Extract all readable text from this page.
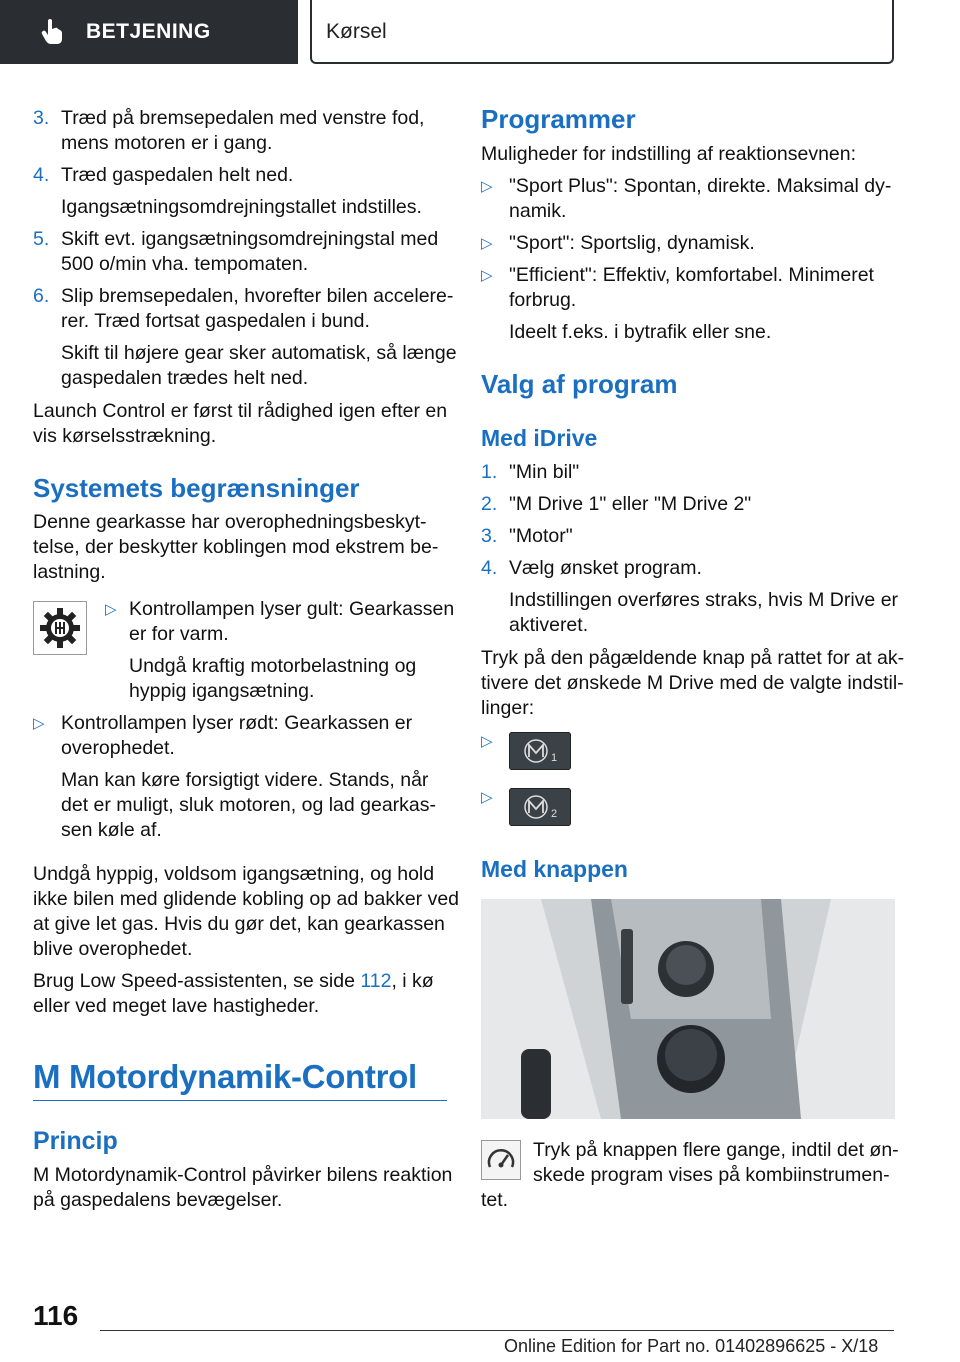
BETJENING	Kørsel
3. Træd på bremsepedalen med venstre fod,
mens motoren er i gang.
4. Træd gaspedalen helt ned.
Igangsætningsomdrejningstallet indstilles.
5. Skift evt. igangsætningsomdrejningstal med
500 o/min vha. tempomaten.
6. Slip bremsepedalen, hvorefter bilen accelere-
rer. Træd fortsat gaspedalen i bund.
Skift til højere gear sker automatisk, så længe
gaspedalen trædes helt ned.
Launch Control er først til rådighed igen efter en
vis kørselsstrækning.
Systemets begrænsninger
Denne gearkasse har overophedningsbeskyt-
telse, der beskytter koblingen mod ekstrem be-
lastning.
▷ Kontrollampen lyser gult: Gearkassen
er for varm.
Undgå kraftig motorbelastning og
hyppig igangsætning.
▷ Kontrollampen lyser rødt: Gearkassen er
overophedet.
Man kan køre forsigtigt videre. Stands, når
det er muligt, sluk motoren, og lad gearkas-
sen køle af.
Undgå hyppig, voldsom igangsætning, og hold
ikke bilen med glidende kobling op ad bakker ved
at give let gas. Hvis du gør det, kan gearkassen
blive overophedet.
Brug Low Speed-assistenten, se side 112, i kø
eller ved meget lave hastigheder.
M Motordynamik-Control
Princip
M Motordynamik-Control påvirker bilens reaktion
på gaspedalens bevægelser.
Programmer
Muligheder for indstilling af reaktionsevnen:
▷ "Sport Plus": Spontan, direkte. Maksimal dy-
namik.
▷ "Sport": Sportslig, dynamisk.
▷ "Efficient": Effektiv, komfortabel. Minimeret
forbrug.
Ideelt f.eks. i bytrafik eller sne.
Valg af program
Med iDrive
1. "Min bil"
2. "M Drive 1" eller "M Drive 2"
3. "Motor"
4. Vælg ønsket program.
Indstillingen overføres straks, hvis M Drive er
aktiveret.
Tryk på den pågældende knap på rattet for at ak-
tivere det ønskede M Drive med de valgte indstil-
linger:
▷
1
▷
2
Med knappen
Tryk på knappen flere gange, indtil det øn-
skede program vises på kombiinstrumen-
tet.
116
Online Edition for Part no. 01402896625 - X/18
